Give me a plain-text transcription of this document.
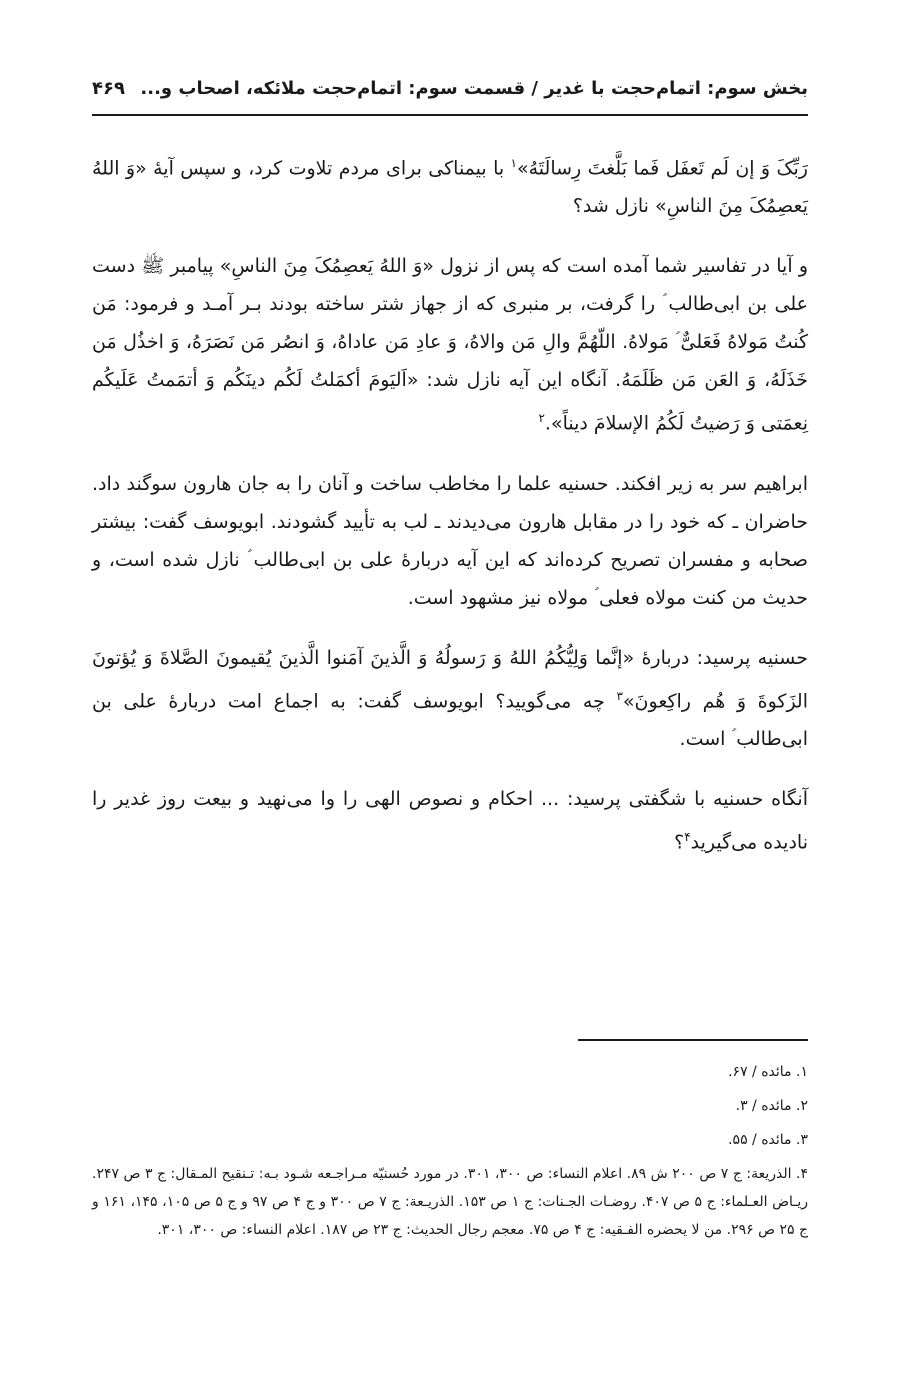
بخش سوم: اتمام‌حجت با غدیر / قسمت سوم: اتمام‌حجت ملائکه، اصحاب و...
۴۶۹

رَبِّکَ وَ إن لَم تَعفَل فَما بَلَّغتَ رِسالَتَهُ»$^۱$ با بیمناکی برای مردم تلاوت کرد، و سپس آیهٔ «وَ اللهُ یَعصِمُکَ مِنَ الناسِ» نازل شد؟

و آیا در تفاسیر شما آمده است که پس از نزول «وَ اللهُ یَعصِمُکَ مِنَ الناسِ» پیامبر ﷺ دست علی بن ابی‌طالب ؑ را گرفت، بر منبری که از جهاز شتر ساخته بودند بـر آمـد و فرمود: مَن کُنتُ مَولاهُ فَعَلیٌّ ؑ مَولاهُ. اللّهُمَّ والِ مَن والاهُ، وَ عادِ مَن عاداهُ، وَ انصُر مَن نَصَرَهُ، وَ اخذُل مَن خَذَلَهُ، وَ العَن مَن ظَلَمَهُ. آنگاه این آیه نازل شد: «اَلیَومَ أکمَلتُ لَکُم دینَکُم وَ أتمَمتُ عَلَیکُم نِعمَتی وَ رَضیتُ لَکُمُ الإسلامَ دیناً».$^۲$

ابراهیم سر به زیر افکند. حسنیه علما را مخاطب ساخت و آنان را به جان هارون سوگند داد. حاضران ـ که خود را در مقابل هارون می‌دیدند ـ لب به تأیید گشودند. ابویوسف گفت: بیشتر صحابه و مفسران تصریح کرده‌اند که این آیه دربارهٔ علی بن ابی‌طالب ؑ نازل شده است، و حدیث من کنت مولاه فعلی ؑ مولاه نیز مشهود است.

حسنیه پرسید: دربارهٔ «إنَّما وَلِیُّکُمُ اللهُ وَ رَسولُهُ وَ الَّذینَ آمَنوا الَّذینَ یُقیمونَ الصَّلاةَ وَ یُؤتونَ الزَکوةَ وَ هُم راکِعونَ»$^۳$ چه می‌گویید؟ ابویوسف گفت: به اجماع امت دربارهٔ علی بن ابی‌طالب ؑ است.

آنگاه حسنیه با شگفتی پرسید: ... احکام و نصوص الهی را وا می‌نهید و بیعت روز غدیر را نادیده می‌گیرید$^۴$؟

۱. مائده / ۶۷.

۲. مائده / ۳.

۳. مائده / ۵۵.

۴. الذریعة: ج ۷ ص ۲۰۰ ش ۸۹. اعلام النساء: ص ۳۰۰، ۳۰۱. در مورد حُسنیّه مـراجـعه شـود بـه: تـنقیح المـقال: ج ۳ ص ۲۴۷. ریـاض العـلماء: ج ۵ ص ۴۰۷. روضـات الجـنات: ج ۱ ص ۱۵۳. الذریـعة: ج ۷ ص ۳۰۰ و ج ۴ ص ۹۷ و ج ۵ ص ۱۰۵، ۱۴۵، ۱۶۱ و ج ۲۵ ص ۲۹۶. من لا یحضره الفـقیه: ج ۴ ص ۷۵. معجم رجال الحدیث: ج ۲۳ ص ۱۸۷. اعلام النساء: ص ۳۰۰، ۳۰۱.
